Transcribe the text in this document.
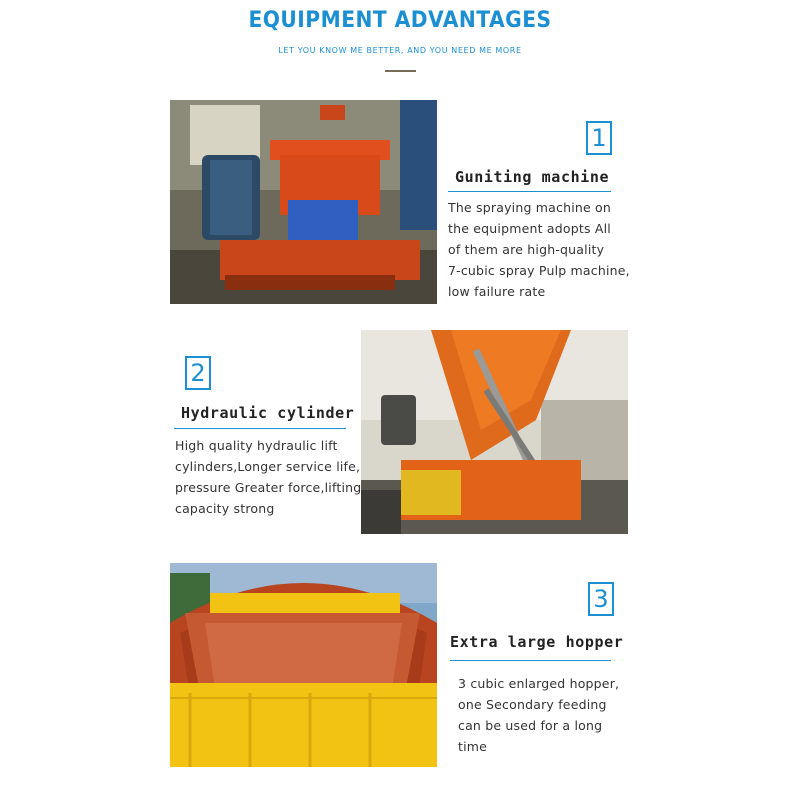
EQUIPMENT ADVANTAGES
LET YOU KNOW ME BETTER, AND YOU NEED ME MORE
1
Guniting machine
The spraying machine on
the equipment adopts All
of them are high-quality
7-cubic spray Pulp machine,
low failure rate
2
Hydraulic cylinder
High quality hydraulic lift
cylinders,Longer service life,
pressure Greater force,lifting
capacity strong
3
Extra large hopper
3 cubic enlarged hopper,
one Secondary feeding
can be used for a long
time
